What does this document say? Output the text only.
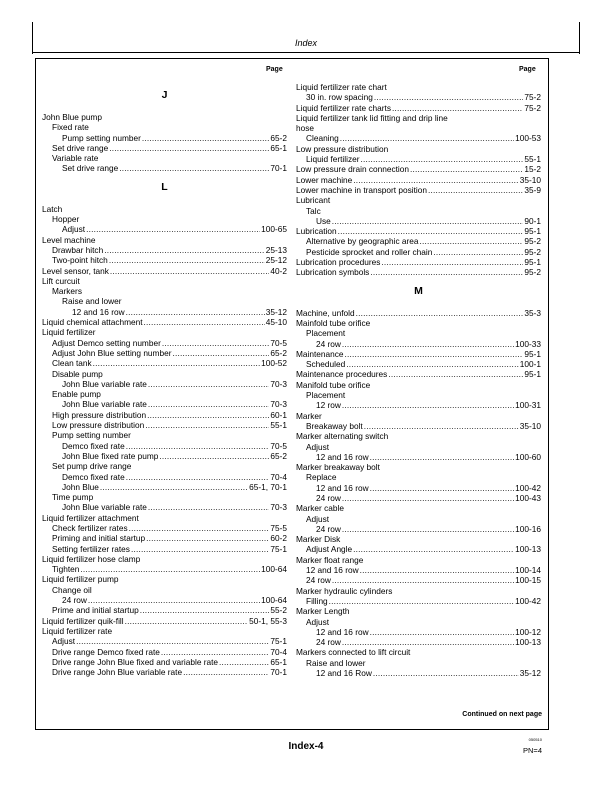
Index
Page	Page
J
John Blue pump
Fixed rate
Pump setting number .....	65-2
Set drive range .....	65-1
Variable rate
Set drive range .....	70-1
L
Latch
Hopper
Adjust .....	100-65
Level machine
Drawbar hitch .....	25-13
Two-point hitch .....	25-12
Level sensor, tank .....	40-2
Lift curcuit
Markers
Raise and lower
12 and 16 row .....	35-12
Liquid chemical attachment .....	45-10
Liquid fertilizer
Adjust Demco setting number .....	70-5
Adjust John Blue setting number .....	65-2
Clean tank .....	100-52
Disable pump
John Blue variable rate .....	70-3
Enable pump
John Blue variable rate .....	70-3
High pressure distribution .....	60-1
Low pressure distribution .....	55-1
Pump setting number
Demco fixed rate .....	70-5
John Blue fixed rate pump .....	65-2
Set pump drive range
Demco fixed rate .....	70-4
John Blue .....	65-1, 70-1
Time pump
John Blue variable rate .....	70-3
Liquid fertilizer attachment
Check fertilizer rates .....	75-5
Priming and initial startup .....	60-2
Setting fertilizer rates .....	75-1
Liquid fertilizer hose clamp
Tighten .....	100-64
Liquid fertilizer pump
Change oil
24 row .....	100-64
Prime and initial startup .....	55-2
Liquid fertilizer quik-fill .....	50-1, 55-3
Liquid fertilizer rate
Adjust .....	75-1
Drive range Demco fixed rate .....	70-4
Drive range John Blue fixed and variable rate .....	65-1
Drive range John Blue variable rate .....	70-1
Liquid fertilizer rate chart
30 in. row spacing .....	75-2
Liquid fertilizer rate charts .....	75-2
Liquid fertilizer tank lid fitting and drip line
hose
Cleaning .....	100-53
Low pressure distribution
Liquid fertilizer .....	55-1
Low pressure drain connection .....	15-2
Lower machine .....	35-10
Lower machine in transport position .....	35-9
Lubricant
Talc
Use .....	90-1
Lubrication .....	95-1
Alternative by geographic area .....	95-2
Pesticide sprocket and roller chain .....	95-2
Lubrication procedures .....	95-1
Lubrication symbols .....	95-2
M
Machine, unfold .....	35-3
Mainfold tube orifice
Placement
24 row .....	100-33
Maintenance .....	95-1
Scheduled .....	100-1
Maintenance procedures .....	95-1
Manifold tube orifice
Placement
12 row .....	100-31
Marker
Breakaway bolt .....	35-10
Marker alternating switch
Adjust
12 and 16 row .....	100-60
Marker breakaway bolt
Replace
12 and 16 row .....	100-42
24 row .....	100-43
Marker cable
Adjust
24 row .....	100-16
Marker Disk
Adjust Angle .....	100-13
Marker float range
12 and 16 row .....	100-14
24 row .....	100-15
Marker hydraulic cylinders
Filling .....	100-42
Marker Length
Adjust
12 and 16 row .....	100-12
24 row .....	100-13
Markers connected to lift circuit
Raise and lower
12 and 16 Row .....	35-12
Continued on next page
Index-4
050510
PN=4
